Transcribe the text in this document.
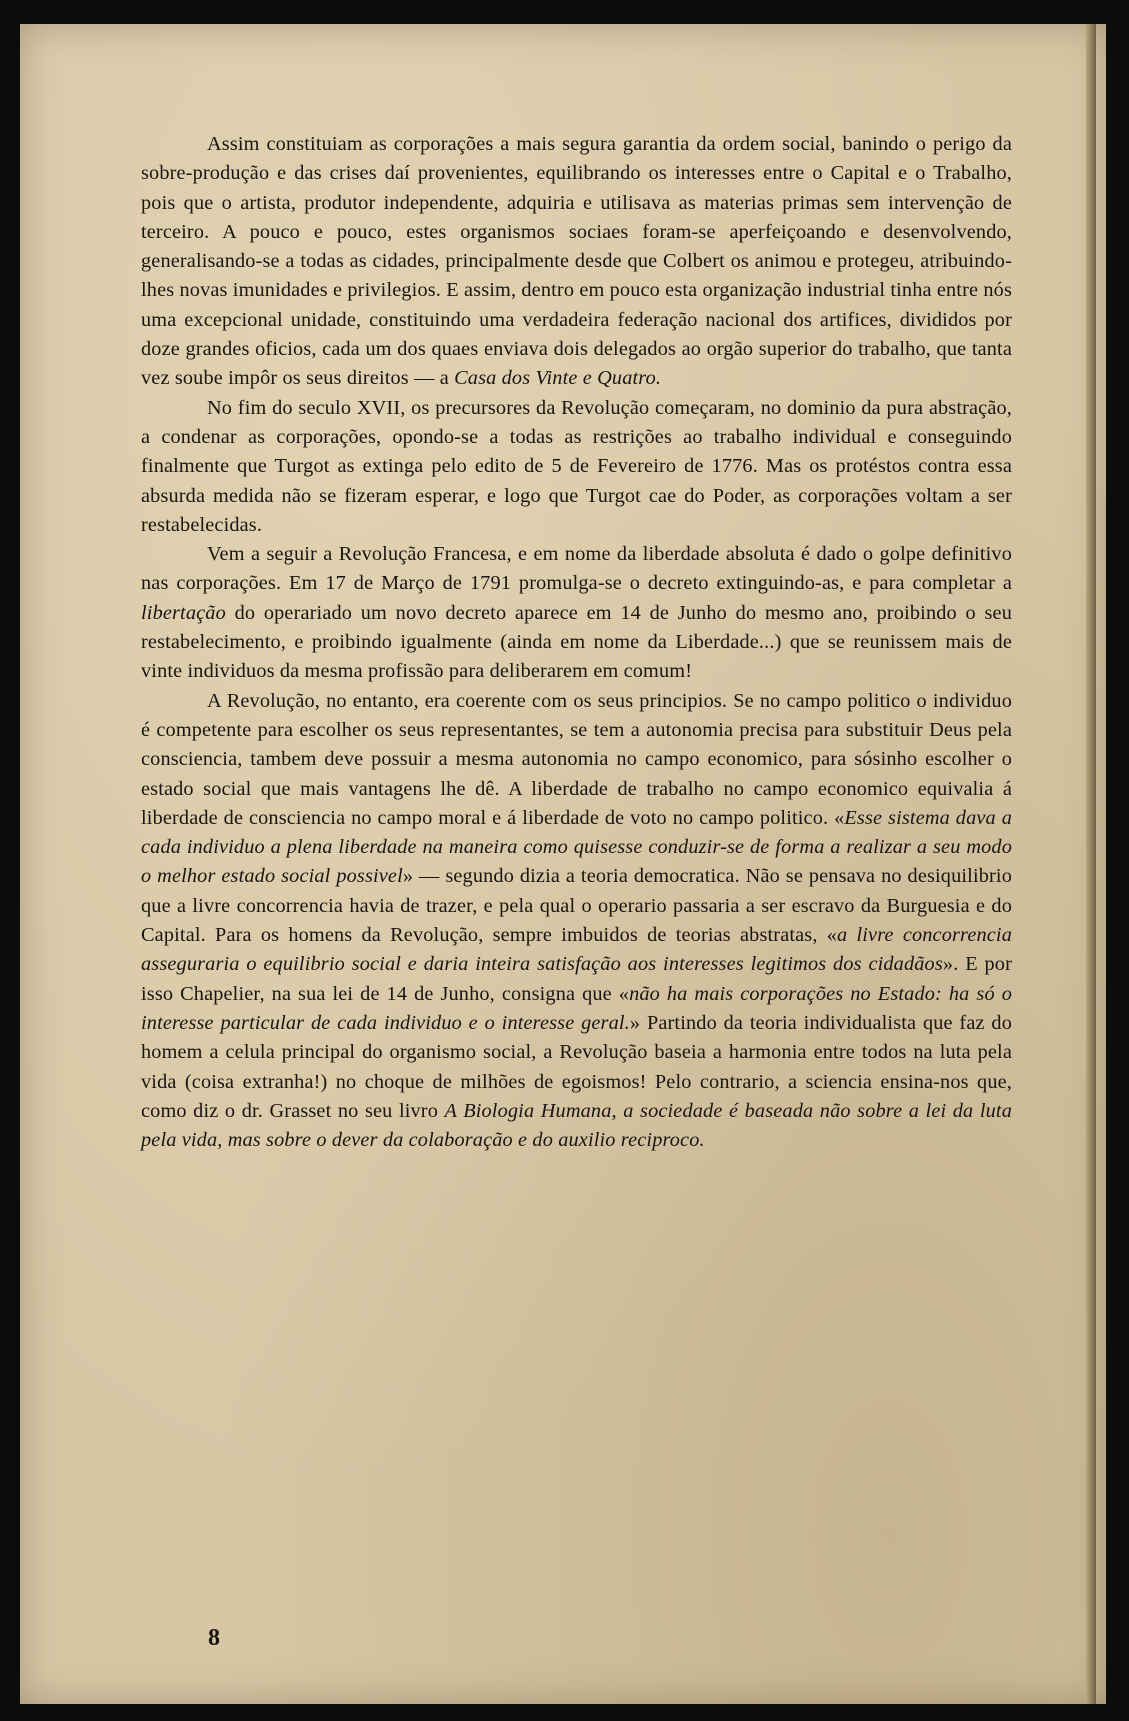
Assim constituiam as corporações a mais segura garantia da ordem social, banindo o perigo da sobre-produção e das crises daí provenientes, equilibrando os interesses entre o Capital e o Trabalho, pois que o artista, produtor independente, adquiria e utilisava as materias primas sem intervenção de terceiro. A pouco e pouco, estes organismos sociaes foram-se aperfeiçoando e desenvolvendo, generalisando-se a todas as cidades, principalmente desde que Colbert os animou e protegeu, atribuindo-lhes novas imunidades e privilegios. E assim, dentro em pouco esta organização industrial tinha entre nós uma excepcional unidade, constituindo uma verdadeira federação nacional dos artifices, divididos por doze grandes oficios, cada um dos quaes enviava dois delegados ao orgão superior do trabalho, que tanta vez soube impôr os seus direitos — a Casa dos Vinte e Quatro.

No fim do seculo XVII, os precursores da Revolução começaram, no dominio da pura abstração, a condenar as corporações, opondo-se a todas as restrições ao trabalho individual e conseguindo finalmente que Turgot as extinga pelo edito de 5 de Fevereiro de 1776. Mas os protéstos contra essa absurda medida não se fizeram esperar, e logo que Turgot cae do Poder, as corporações voltam a ser restabelecidas.

Vem a seguir a Revolução Francesa, e em nome da liberdade absoluta é dado o golpe definitivo nas corporações. Em 17 de Março de 1791 promulga-se o decreto extinguindo-as, e para completar a libertação do operariado um novo decreto aparece em 14 de Junho do mesmo ano, proibindo o seu restabelecimento, e proibindo igualmente (ainda em nome da Liberdade...) que se reunissem mais de vinte individuos da mesma profissão para deliberarem em comum!

A Revolução, no entanto, era coerente com os seus principios. Se no campo politico o individuo é competente para escolher os seus representantes, se tem a autonomia precisa para substituir Deus pela consciencia, tambem deve possuir a mesma autonomia no campo economico, para sósinho escolher o estado social que mais vantagens lhe dê. A liberdade de trabalho no campo economico equivalia á liberdade de consciencia no campo moral e á liberdade de voto no campo politico. «Esse sistema dava a cada individuo a plena liberdade na maneira como quisesse conduzir-se de forma a realizar a seu modo o melhor estado social possivel» — segundo dizia a teoria democratica. Não se pensava no desiquilibrio que a livre concorrencia havia de trazer, e pela qual o operario passaria a ser escravo da Burguesia e do Capital. Para os homens da Revolução, sempre imbuidos de teorias abstratas, «a livre concorrencia asseguraria o equilibrio social e daria inteira satisfação aos interesses legitimos dos cidadãos». E por isso Chapelier, na sua lei de 14 de Junho, consigna que «não ha mais corporações no Estado: ha só o interesse particular de cada individuo e o interesse geral.» Partindo da teoria individualista que faz do homem a celula principal do organismo social, a Revolução baseia a harmonia entre todos na luta pela vida (coisa extranha!) no choque de milhões de egoismos! Pelo contrario, a sciencia ensina-nos que, como diz o dr. Grasset no seu livro A Biologia Humana, a sociedade é baseada não sobre a lei da luta pela vida, mas sobre o dever da colaboração e do auxilio reciproco.

8
